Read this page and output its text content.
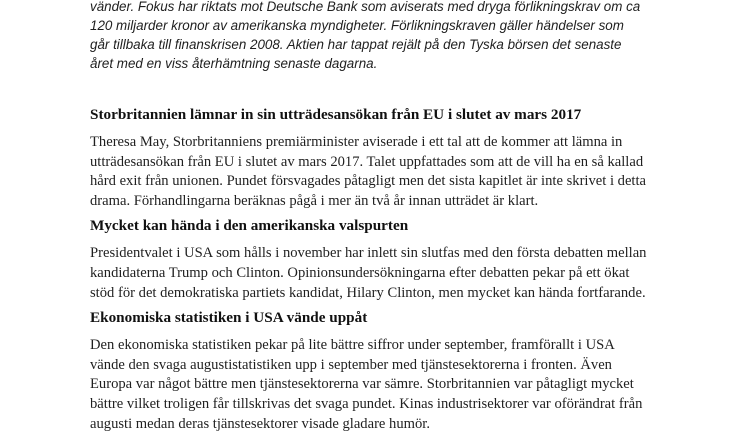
vänder. Fokus har riktats mot Deutsche Bank som aviserats med dryga förlikningskrav om ca
120 miljarder kronor av amerikanska myndigheter. Förlikningskraven gäller händelser som
går tillbaka till finanskrisen 2008. Aktien har tappat rejält på den Tyska börsen det senaste
året med en viss återhämtning senaste dagarna.

Storbritannien lämnar in sin utträdesansökan från EU i slutet av mars 2017

Theresa May, Storbritanniens premiärminister aviserade i ett tal att de kommer att lämna in
utträdesansökan från EU i slutet av mars 2017. Talet uppfattades som att de vill ha en så kallad
hård exit från unionen. Pundet försvagades påtagligt men det sista kapitlet är inte skrivet i detta
drama. Förhandlingarna beräknas pågå i mer än två år innan utträdet är klart.

Mycket kan hända i den amerikanska valspurten

Presidentvalet i USA som hålls i november har inlett sin slutfas med den första debatten mellan
kandidaterna Trump och Clinton. Opinionsundersökningarna efter debatten pekar på ett ökat
stöd för det demokratiska partiets kandidat, Hilary Clinton, men mycket kan hända fortfarande.

Ekonomiska statistiken i USA vände uppåt

Den ekonomiska statistiken pekar på lite bättre siffror under september, framförallt i USA
vände den svaga augustistatistiken upp i september med tjänstesektorerna i fronten. Även
Europa var något bättre men tjänstesektorerna var sämre. Storbritannien var påtagligt mycket
bättre vilket troligen får tillskrivas det svaga pundet. Kinas industrisektorer var oförändrat från
augusti medan deras tjänstesektorer visade gladare humör.
